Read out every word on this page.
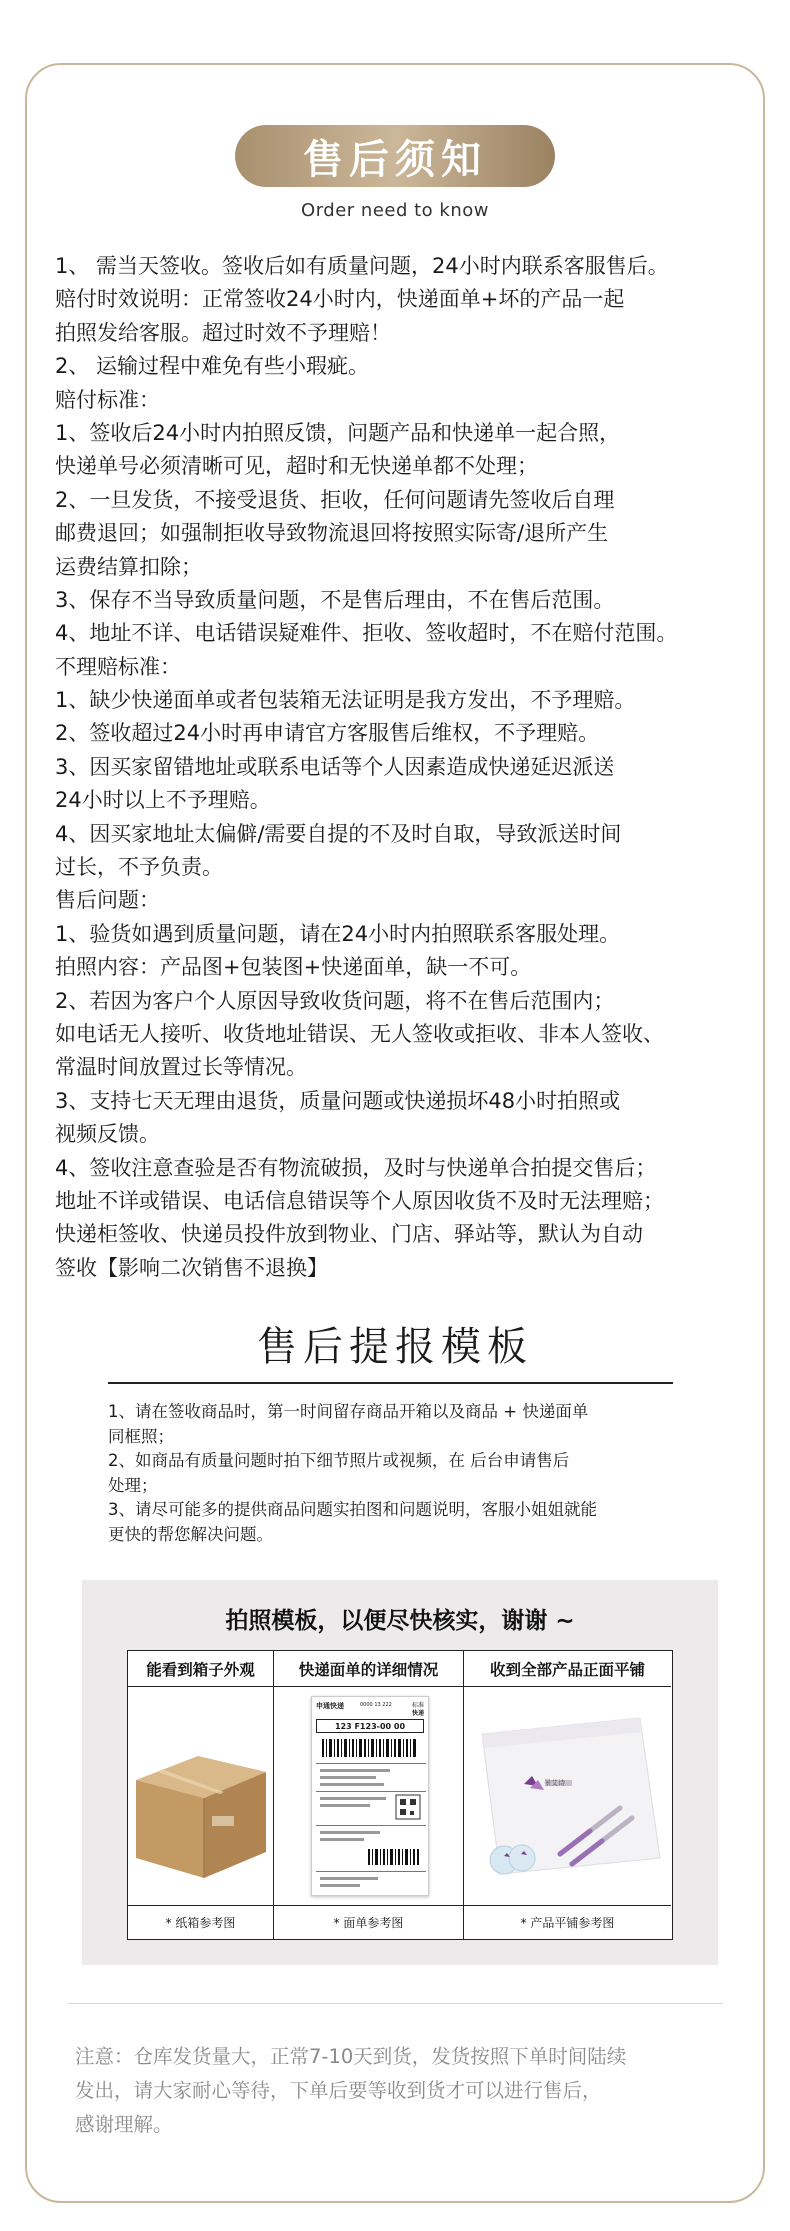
售后须知
Order need to know

1、 需当天签收。签收后如有质量问题，24小时内联系客服售后。

赔付时效说明：正常签收24小时内，快递面单+坏的产品一起

拍照发给客服。超过时效不予理赔！

2、 运输过程中难免有些小瑕疵。

赔付标准：

1、签收后24小时内拍照反馈，问题产品和快递单一起合照，

快递单号必须清晰可见，超时和无快递单都不处理；

2、一旦发货，不接受退货、拒收，任何问题请先签收后自理

邮费退回；如强制拒收导致物流退回将按照实际寄/退所产生

运费结算扣除；

3、保存不当导致质量问题，不是售后理由，不在售后范围。

4、地址不详、电话错误疑难件、拒收、签收超时，不在赔付范围。

不理赔标准：

1、缺少快递面单或者包装箱无法证明是我方发出，不予理赔。

2、签收超过24小时再申请官方客服售后维权，不予理赔。

3、因买家留错地址或联系电话等个人因素造成快递延迟派送

24小时以上不予理赔。

4、因买家地址太偏僻/需要自提的不及时自取，导致派送时间

过长，不予负责。

售后问题：

1、验货如遇到质量问题，请在24小时内拍照联系客服处理。

拍照内容：产品图+包装图+快递面单，缺一不可。

2、若因为客户个人原因导致收货问题，将不在售后范围内；

如电话无人接听、收货地址错误、无人签收或拒收、非本人签收、

常温时间放置过长等情况。

3、支持七天无理由退货，质量问题或快递损坏48小时拍照或

视频反馈。

4、签收注意查验是否有物流破损，及时与快递单合拍提交售后；

地址不详或错误、电话信息错误等个人原因收货不及时无法理赔；

快递柜签收、快递员投件放到物业、门店、驿站等，默认为自动

签收【影响二次销售不退换】

售后提报模板

1、请在签收商品时，第一时间留存商品开箱以及商品 + 快递面单

同框照；

2、如商品有质量问题时拍下细节照片或视频，在 后台申请售后

处理；

3、请尽可能多的提供商品问题实拍图和问题说明，客服小姐姐就能

更快的帮您解决问题。

拍照模板，以便尽快核实，谢谢 ~
能看到箱子外观
* 纸箱参考图
快递面单的详细情况
申通快递	0000 13 222	标准
快递
123 F123-00 00
* 面单参考图
收到全部产品正面平铺
景艾诗
* 产品平铺参考图

注意：仓库发货量大，正常7-10天到货，发货按照下单时间陆续

发出，请大家耐心等待，下单后要等收到货才可以进行售后，

感谢理解。
